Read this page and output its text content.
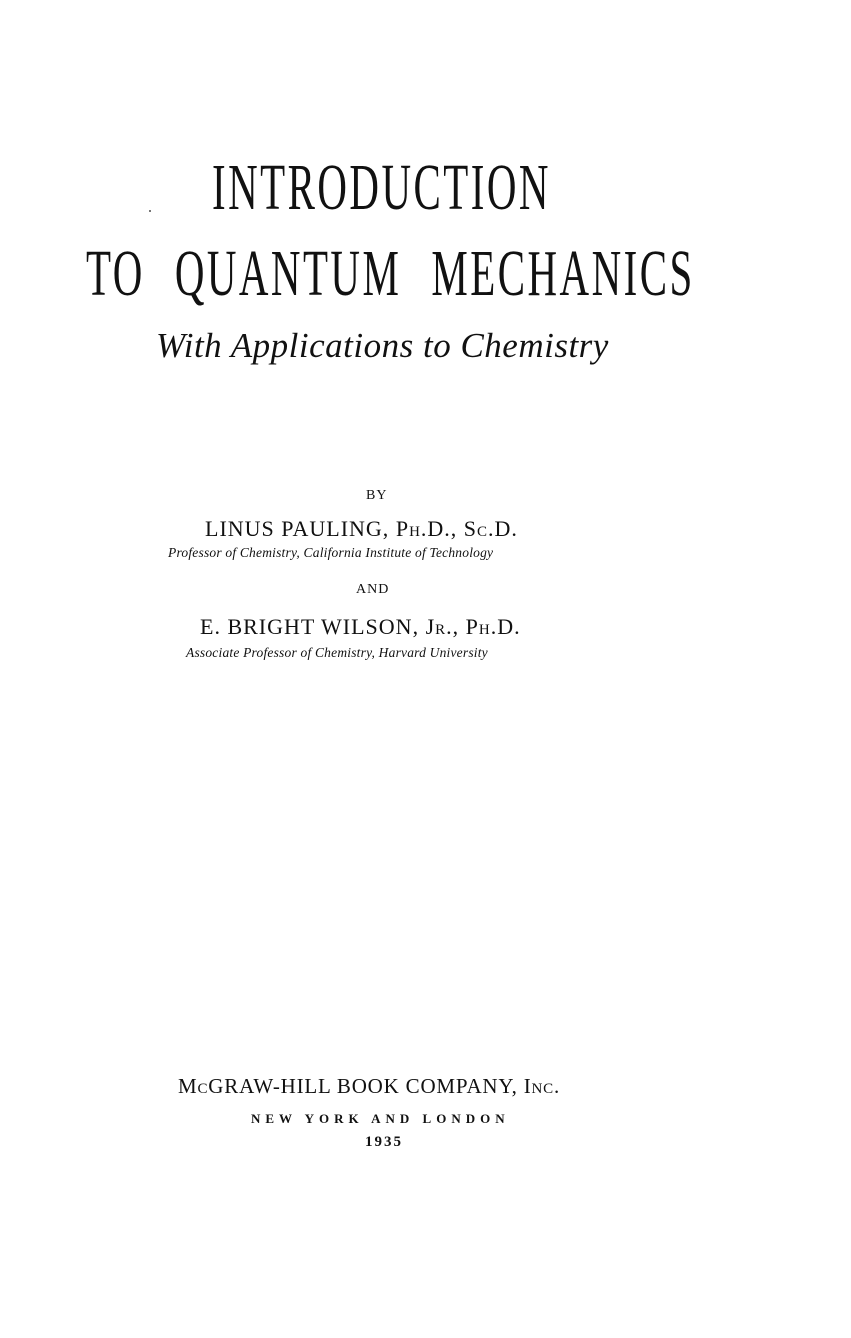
INTRODUCTION
TO QUANTUM MECHANICS
With Applications to Chemistry
BY
LINUS PAULING, PH.D., SC.D.
Professor of Chemistry, California Institute of Technology
AND
E. BRIGHT WILSON, JR., PH.D.
Associate Professor of Chemistry, Harvard University
MCGRAW-HILL BOOK COMPANY, INC.
NEW YORK AND LONDON
1935
